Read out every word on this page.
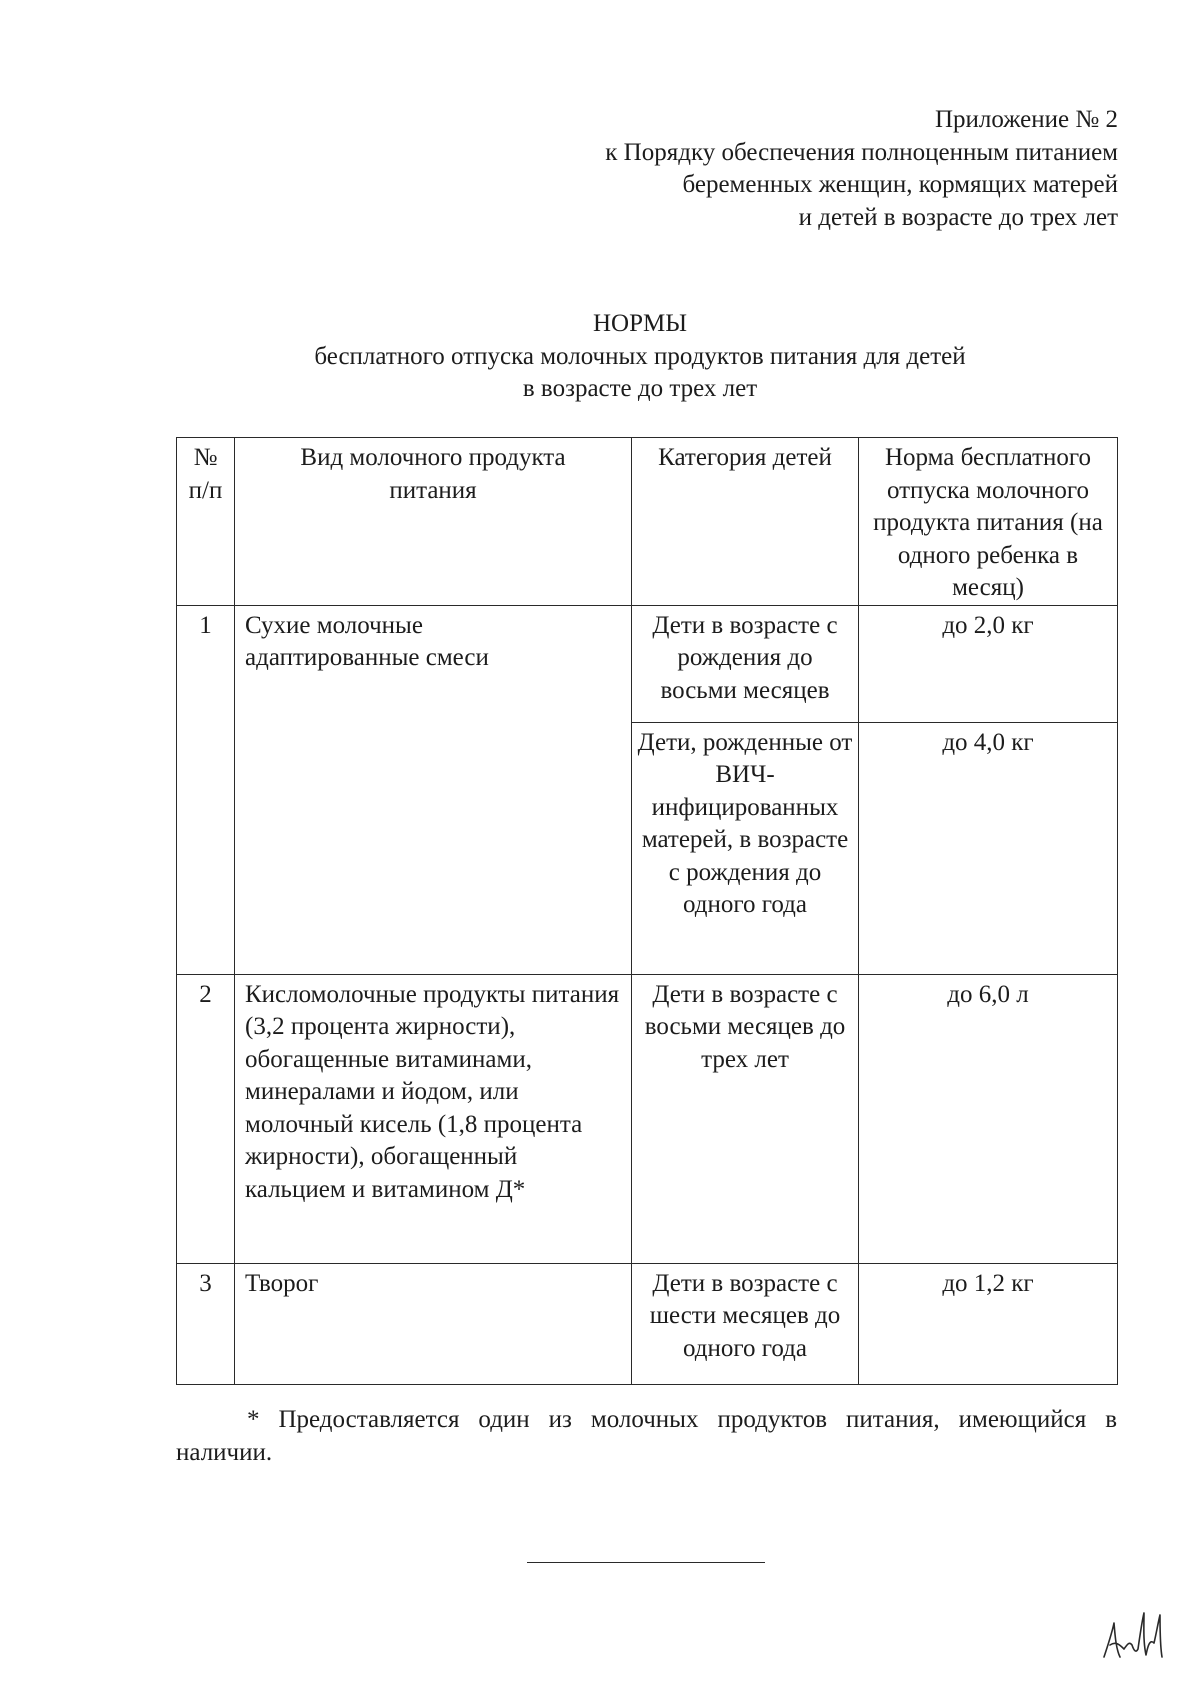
Приложение № 2
к Порядку обеспечения полноценным питанием
беременных женщин, кормящих матерей
и детей в возрасте до трех лет
НОРМЫ
бесплатного отпуска молочных продуктов питания для детей
в возрасте до трех лет
№ п/п	Вид молочного продукта питания	Категория детей	Норма бесплатного отпуска молочного продукта питания (на одного ребенка в месяц)
1	Сухие молочные адаптированные смеси	Дети в возрасте с рождения до восьми месяцев	до 2,0 кг
		Дети, рожденные от ВИЧ-инфицированных матерей, в возрасте с рождения до одного года	до 4,0 кг
2	Кисломолочные продукты питания (3,2 процента жирности), обогащенные витаминами, минералами и йодом, или молочный кисель (1,8 процента жирности), обогащенный кальцием и витамином Д*	Дети в возрасте с восьми месяцев до трех лет	до 6,0 л
3	Творог	Дети в возрасте с шести месяцев до одного года	до 1,2 кг
* Предоставляется один из молочных продуктов питания, имеющийся в наличии.
